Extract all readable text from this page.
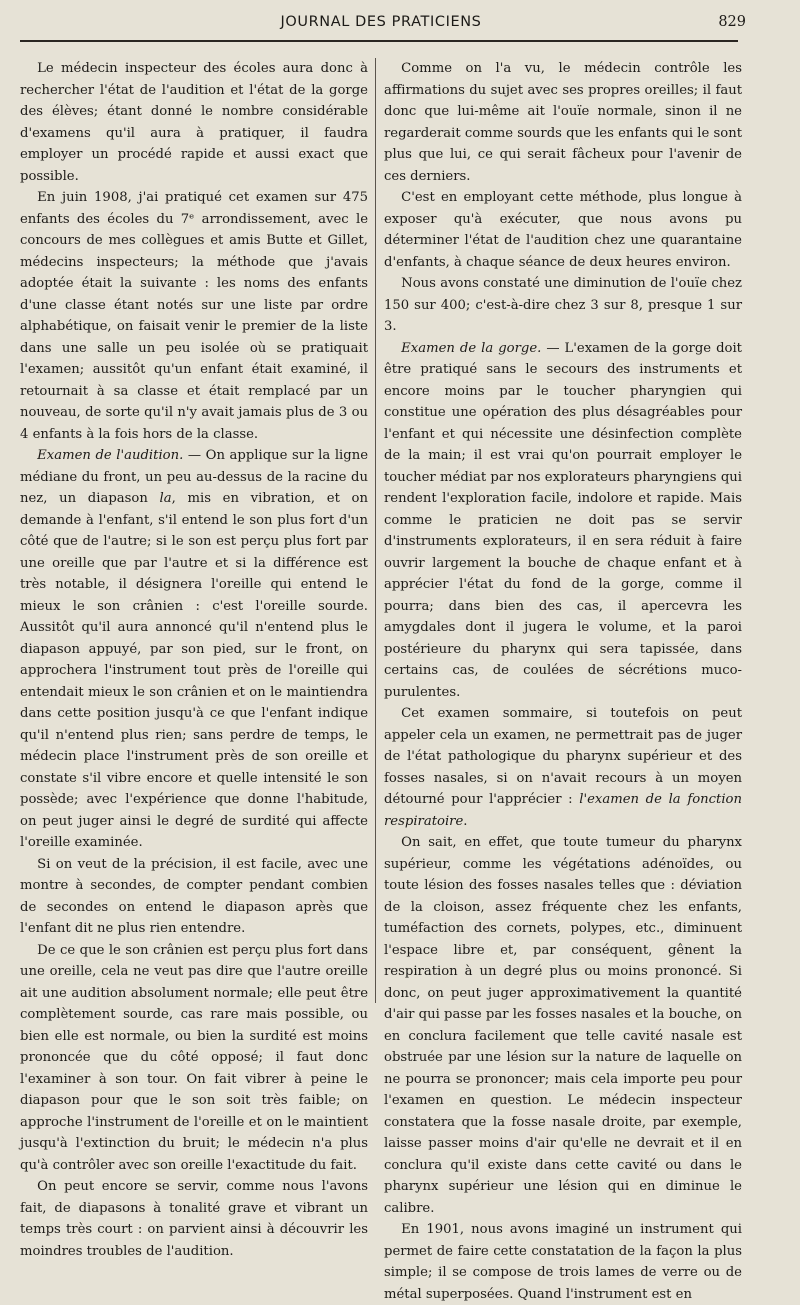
JOURNAL DES PRATICIENS	829

Le médecin inspecteur des écoles aura donc à rechercher l'état de l'audition et l'état de la gorge des élèves; étant donné le nombre considérable d'examens qu'il aura à pratiquer, il faudra employer un procédé rapide et aussi exact que possible.

En juin 1908, j'ai pratiqué cet examen sur 475 enfants des écoles du 7ᵉ arrondissement, avec le concours de mes collègues et amis Butte et Gillet, médecins inspecteurs; la méthode que j'avais adoptée était la suivante : les noms des enfants d'une classe étant notés sur une liste par ordre alphabétique, on faisait venir le premier de la liste dans une salle un peu isolée où se pratiquait l'examen; aussitôt qu'un enfant était examiné, il retournait à sa classe et était remplacé par un nouveau, de sorte qu'il n'y avait jamais plus de 3 ou 4 enfants à la fois hors de la classe.

Examen de l'audition. — On applique sur la ligne médiane du front, un peu au-dessus de la racine du nez, un diapason la, mis en vibration, et on demande à l'enfant, s'il entend le son plus fort d'un côté que de l'autre; si le son est perçu plus fort par une oreille que par l'autre et si la différence est très notable, il désignera l'oreille qui entend le mieux le son crânien : c'est l'oreille sourde. Aussitôt qu'il aura annoncé qu'il n'entend plus le diapason appuyé, par son pied, sur le front, on approchera l'instrument tout près de l'oreille qui entendait mieux le son crânien et on le maintiendra dans cette position jusqu'à ce que l'enfant indique qu'il n'entend plus rien; sans perdre de temps, le médecin place l'instrument près de son oreille et constate s'il vibre encore et quelle intensité le son possède; avec l'expérience que donne l'habitude, on peut juger ainsi le degré de surdité qui affecte l'oreille examinée.

Si on veut de la précision, il est facile, avec une montre à secondes, de compter pendant combien de secondes on entend le diapason après que l'enfant dit ne plus rien entendre.

De ce que le son crânien est perçu plus fort dans une oreille, cela ne veut pas dire que l'autre oreille ait une audition absolument normale; elle peut être complètement sourde, cas rare mais possible, ou bien elle est normale, ou bien la surdité est moins prononcée que du côté opposé; il faut donc l'examiner à son tour. On fait vibrer à peine le diapason pour que le son soit très faible; on approche l'instrument de l'oreille et on le maintient jusqu'à l'extinction du bruit; le médecin n'a plus qu'à contrôler avec son oreille l'exactitude du fait.

On peut encore se servir, comme nous l'avons fait, de diapasons à tonalité grave et vibrant un temps très court : on parvient ainsi à découvrir les moindres troubles de l'audition.

Comme on l'a vu, le médecin contrôle les affirmations du sujet avec ses propres oreilles; il faut donc que lui-même ait l'ouïe normale, sinon il ne regarderait comme sourds que les enfants qui le sont plus que lui, ce qui serait fâcheux pour l'avenir de ces derniers.

C'est en employant cette méthode, plus longue à exposer qu'à exécuter, que nous avons pu déterminer l'état de l'audition chez une quarantaine d'enfants, à chaque séance de deux heures environ.

Nous avons constaté une diminution de l'ouïe chez 150 sur 400; c'est-à-dire chez 3 sur 8, presque 1 sur 3.

Examen de la gorge. — L'examen de la gorge doit être pratiqué sans le secours des instruments et encore moins par le toucher pharyngien qui constitue une opération des plus désagréables pour l'enfant et qui nécessite une désinfection complète de la main; il est vrai qu'on pourrait employer le toucher médiat par nos explorateurs pharyngiens qui rendent l'exploration facile, indolore et rapide. Mais comme le praticien ne doit pas se servir d'instruments explorateurs, il en sera réduit à faire ouvrir largement la bouche de chaque enfant et à apprécier l'état du fond de la gorge, comme il pourra; dans bien des cas, il apercevra les amygdales dont il jugera le volume, et la paroi postérieure du pharynx qui sera tapissée, dans certains cas, de coulées de sécrétions muco-purulentes.

Cet examen sommaire, si toutefois on peut appeler cela un examen, ne permettrait pas de juger de l'état pathologique du pharynx supérieur et des fosses nasales, si on n'avait recours à un moyen détourné pour l'apprécier : l'examen de la fonction respiratoire.

On sait, en effet, que toute tumeur du pharynx supérieur, comme les végétations adénoïdes, ou toute lésion des fosses nasales telles que : déviation de la cloison, assez fréquente chez les enfants, tuméfaction des cornets, polypes, etc., diminuent l'espace libre et, par conséquent, gênent la respiration à un degré plus ou moins prononcé. Si donc, on peut juger approximativement la quantité d'air qui passe par les fosses nasales et la bouche, on en conclura facilement que telle cavité nasale est obstruée par une lésion sur la nature de laquelle on ne pourra se prononcer; mais cela importe peu pour l'examen en question. Le médecin inspecteur constatera que la fosse nasale droite, par exemple, laisse passer moins d'air qu'elle ne devrait et il en conclura qu'il existe dans cette cavité ou dans le pharynx supérieur une lésion qui en diminue le calibre.

En 1901, nous avons imaginé un instrument qui permet de faire cette constatation de la façon la plus simple; il se compose de trois lames de verre ou de métal superposées. Quand l'instrument est en
